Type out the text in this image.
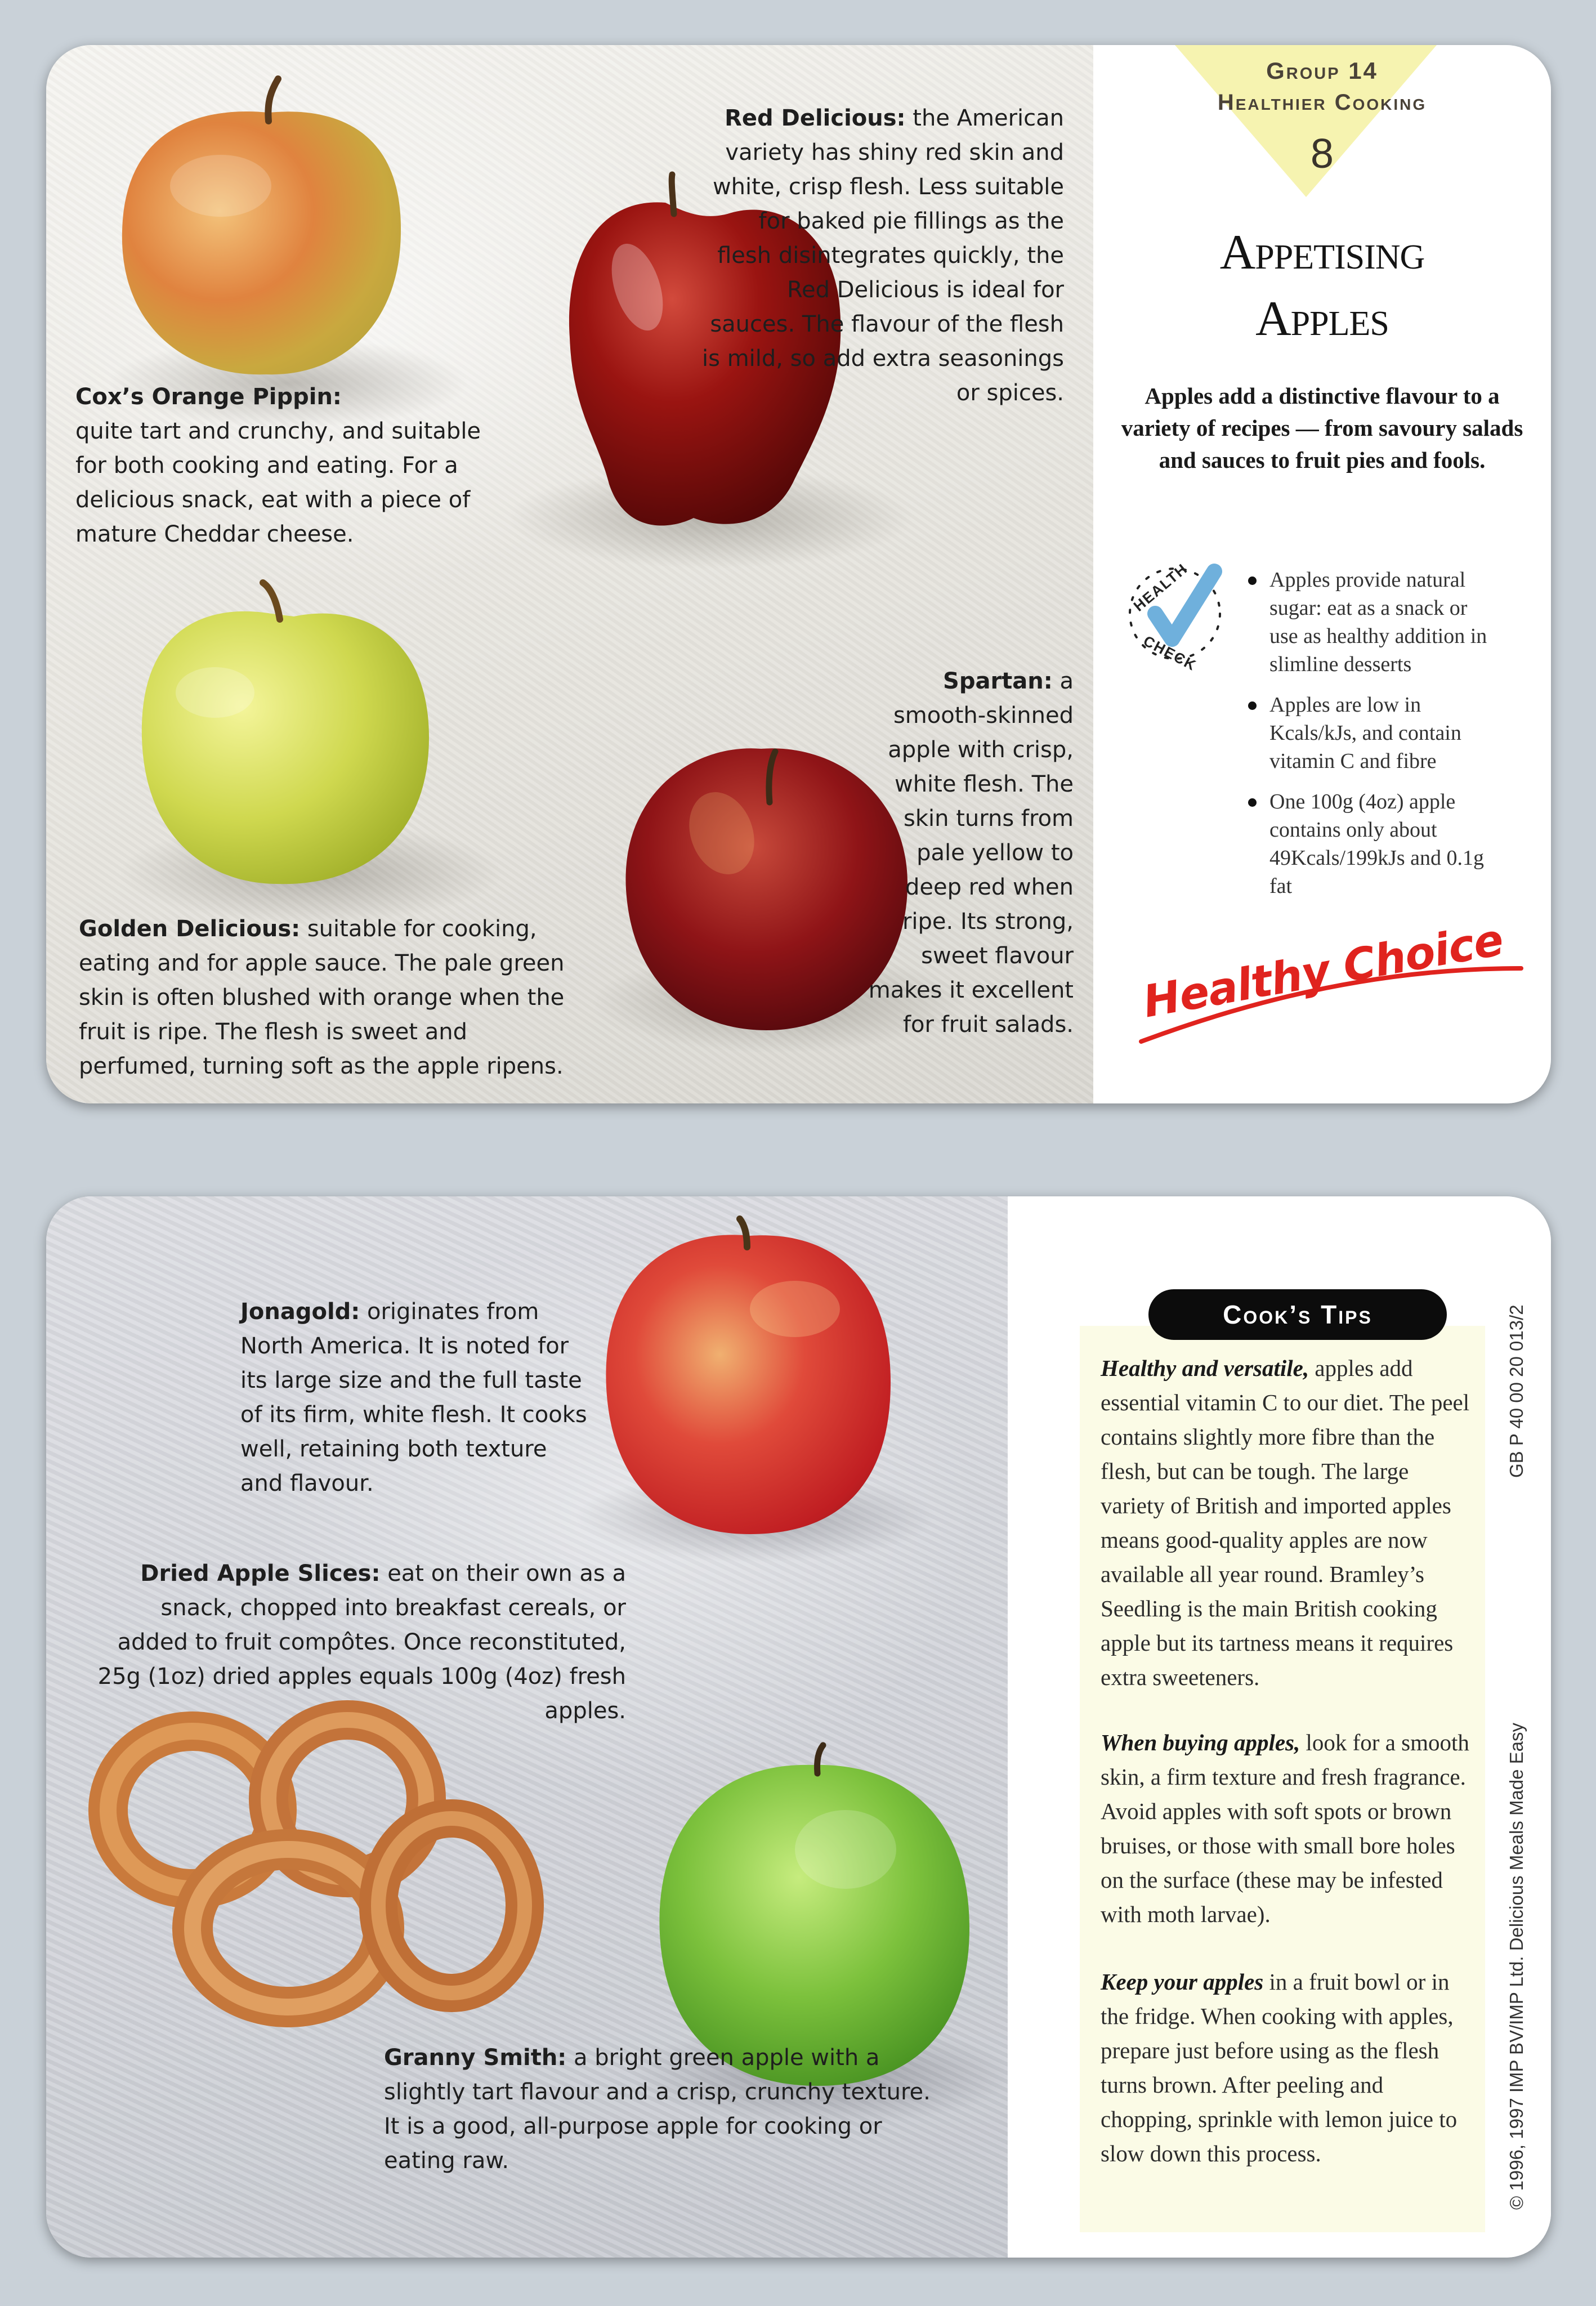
Cox’s Orange Pippin:
quite tart and crunchy, and suitable for both cooking and eating. For a delicious snack, eat with a piece of mature Cheddar cheese.
Red Delicious: the American variety has shiny red skin and white, crisp flesh. Less suitable for baked pie fillings as the flesh disintegrates quickly, the Red Delicious is ideal for sauces. The flavour of the flesh is mild, so add extra seasonings or spices.
Golden Delicious: suitable for cooking, eating and for apple sauce. The pale green skin is often blushed with orange when the fruit is ripe. The flesh is sweet and perfumed, turning soft as the apple ripens.
Spartan: a smooth-skinned apple with crisp, white flesh. The skin turns from pale yellow to deep red when ripe. Its strong, sweet flavour makes it excellent for fruit salads.
Group 14
Healthier Cooking
8
Appetising
Apples
Apples add a distinctive flavour to a variety of recipes — from savoury salads and sauces to fruit pies and fools.
HEALTH
CHECK
Apples provide natural sugar: eat as a snack or use as healthy addition in slimline desserts
Apples are low in Kcals/kJs, and contain vitamin C and fibre
One 100g (4oz) apple contains only about 49Kcals/199kJs and 0.1g fat
Healthy Choice
Jonagold: originates from North America. It is noted for its large size and the full taste of its firm, white flesh. It cooks well, retaining both texture and flavour.
Dried Apple Slices: eat on their own as a snack, chopped into breakfast cereals, or added to fruit compôtes. Once reconstituted, 25g (1oz) dried apples equals 100g (4oz) fresh apples.
Granny Smith: a bright green apple with a slightly tart flavour and a crisp, crunchy texture. It is a good, all-purpose apple for cooking or eating raw.
Cook’s Tips
Healthy and versatile, apples add essential vitamin C to our diet. The peel contains slightly more fibre than the flesh, but can be tough. The large variety of British and imported apples means good-quality apples are now available all year round. Bramley’s Seedling is the main British cooking apple but its tartness means it requires extra sweeteners.
When buying apples, look for a smooth skin, a firm texture and fresh fragrance. Avoid apples with soft spots or brown bruises, or those with small bore holes on the surface (these may be infested with moth larvae).
Keep your apples in a fruit bowl or in the fridge. When cooking with apples, prepare just before using as the flesh turns brown. After peeling and chopping, sprinkle with lemon juice to slow down this process.
GB P 40 00 20 013/2
© 1996, 1997 IMP BV/IMP Ltd. Delicious Meals Made Easy
